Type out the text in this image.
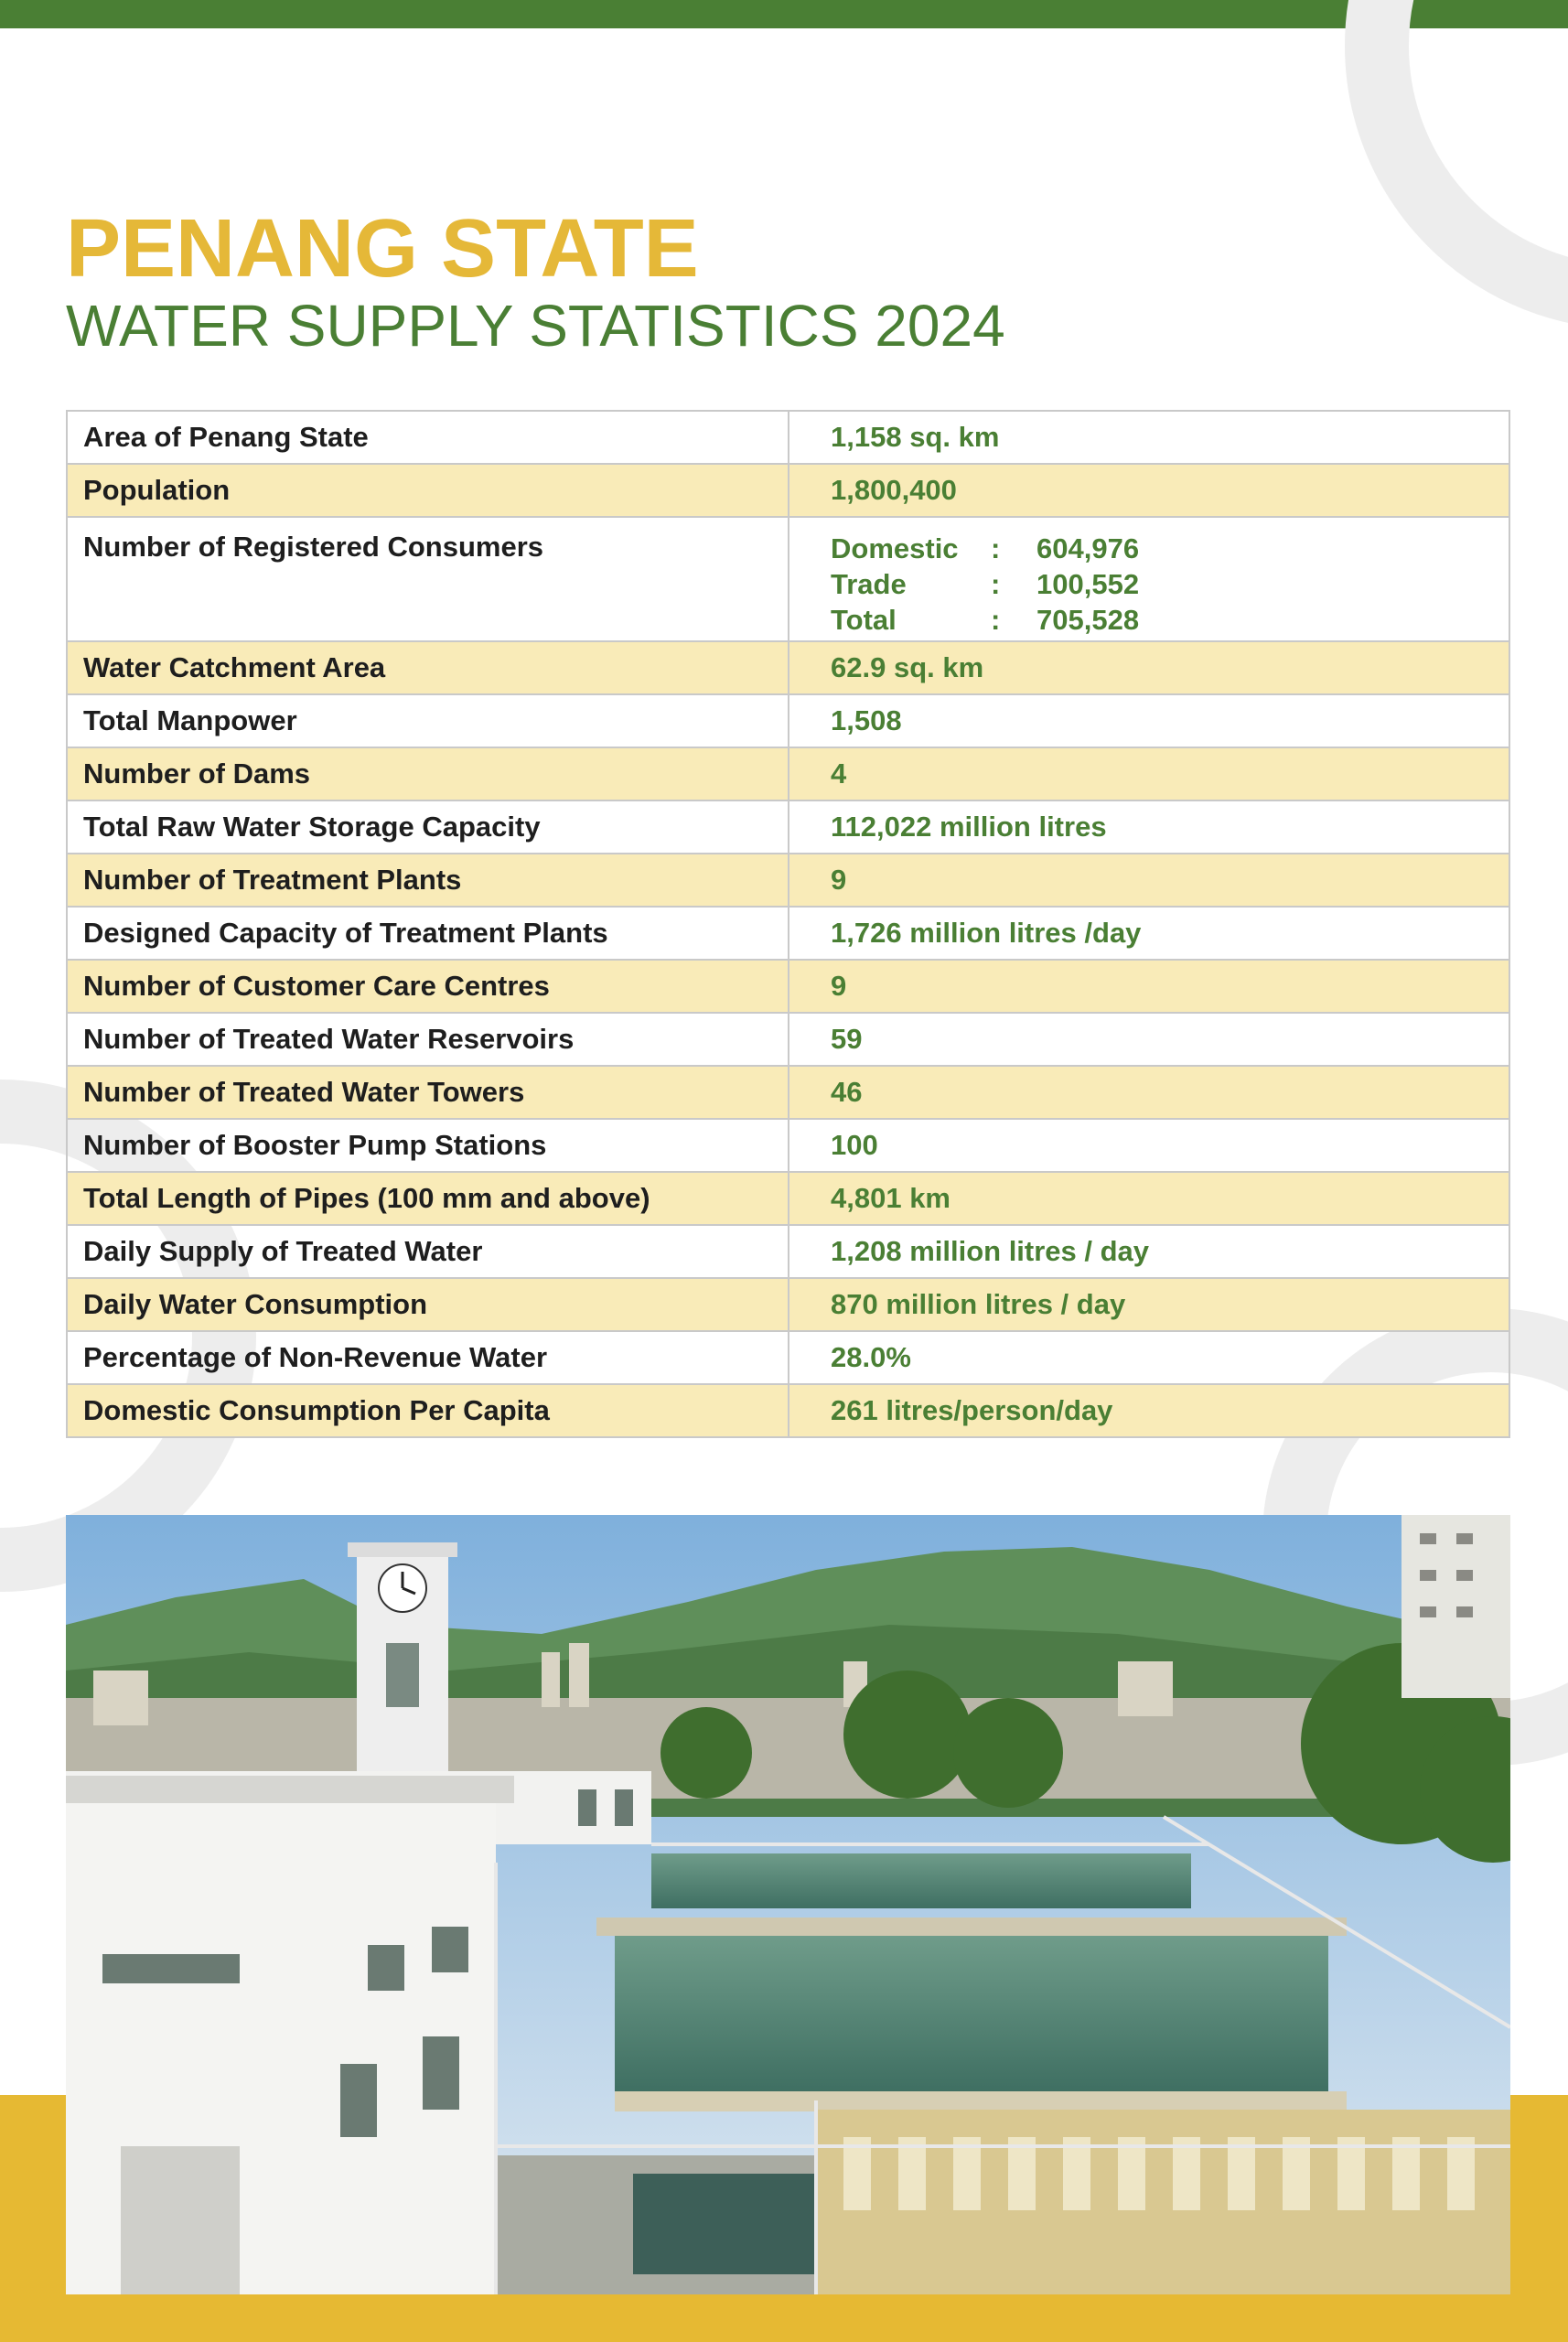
PENANG STATE
WATER SUPPLY STATISTICS 2024
Area of Penang State	1,158 sq. km
Population	1,800,400
Number of Registered Consumers		Domestic	:	604,976
Trade	:	100,552
Total	:	705,528

Water Catchment Area	62.9 sq. km
Total Manpower	1,508
Number of Dams	4
Total Raw Water Storage Capacity	112,022 million litres
Number of Treatment Plants	9
Designed Capacity of Treatment Plants	1,726 million litres /day
Number of Customer Care Centres	9
Number of Treated Water Reservoirs	59
Number of Treated Water Towers	46
Number of Booster Pump Stations	100
Total Length of Pipes (100 mm and above)	4,801 km
Daily Supply of Treated Water	1,208 million litres / day
Daily Water Consumption	870 million litres / day
Percentage of Non-Revenue Water	28.0%
Domestic Consumption Per Capita	261 litres/person/day
